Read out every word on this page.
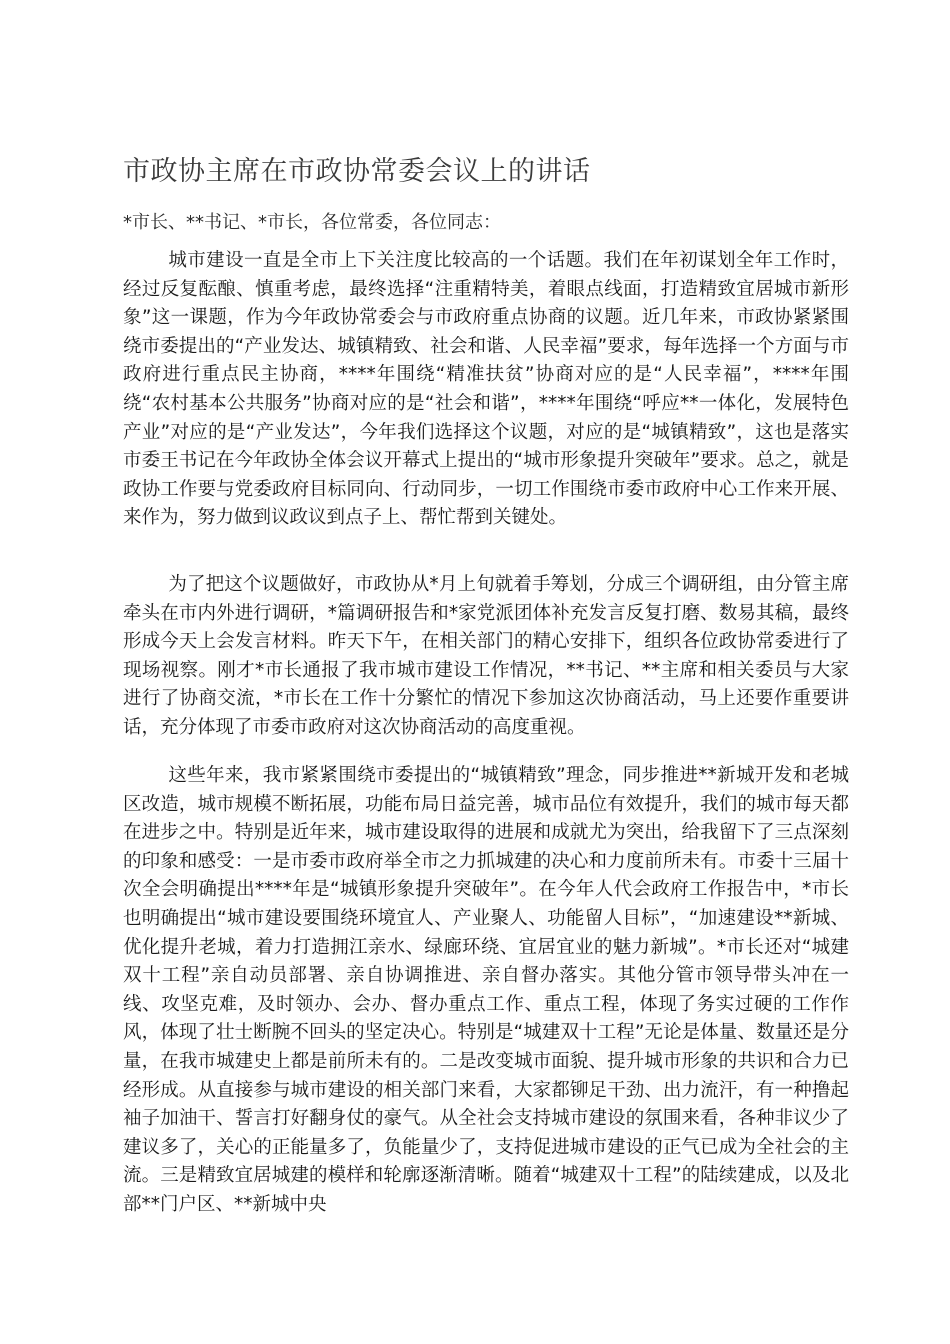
市政协主席在市政协常委会议上的讲话

*市长、**书记、*市长，各位常委，各位同志：

城市建设一直是全市上下关注度比较高的一个话题。我们在年初谋划全年工作时，经过反复酝酿、慎重考虑，最终选择“注重精特美，着眼点线面，打造精致宜居城市新形象”这一课题，作为今年政协常委会与市政府重点协商的议题。近几年来，市政协紧紧围绕市委提出的“产业发达、城镇精致、社会和谐、人民幸福”要求，每年选择一个方面与市政府进行重点民主协商，****年围绕“精准扶贫”协商对应的是“人民幸福”，****年围绕“农村基本公共服务”协商对应的是“社会和谐”，****年围绕“呼应**一体化，发展特色产业”对应的是“产业发达”，今年我们选择这个议题，对应的是“城镇精致”，这也是落实市委王书记在今年政协全体会议开幕式上提出的“城市形象提升突破年”要求。总之，就是政协工作要与党委政府目标同向、行动同步，一切工作围绕市委市政府中心工作来开展、来作为，努力做到议政议到点子上、帮忙帮到关键处。

为了把这个议题做好，市政协从*月上旬就着手筹划，分成三个调研组，由分管主席牵头在市内外进行调研，*篇调研报告和*家党派团体补充发言反复打磨、数易其稿，最终形成今天上会发言材料。昨天下午，在相关部门的精心安排下，组织各位政协常委进行了现场视察。刚才*市长通报了我市城市建设工作情况，**书记、**主席和相关委员与大家进行了协商交流，*市长在工作十分繁忙的情况下参加这次协商活动，马上还要作重要讲话，充分体现了市委市政府对这次协商活动的高度重视。

这些年来，我市紧紧围绕市委提出的“城镇精致”理念，同步推进**新城开发和老城区改造，城市规模不断拓展，功能布局日益完善，城市品位有效提升，我们的城市每天都在进步之中。特别是近年来，城市建设取得的进展和成就尤为突出，给我留下了三点深刻的印象和感受：一是市委市政府举全市之力抓城建的决心和力度前所未有。市委十三届十次全会明确提出****年是“城镇形象提升突破年”。在今年人代会政府工作报告中，*市长也明确提出“城市建设要围绕环境宜人、产业聚人、功能留人目标”，“加速建设**新城、优化提升老城，着力打造拥江亲水、绿廊环绕、宜居宜业的魅力新城”。*市长还对“城建双十工程”亲自动员部署、亲自协调推进、亲自督办落实。其他分管市领导带头冲在一线、攻坚克难，及时领办、会办、督办重点工作、重点工程，体现了务实过硬的工作作风，体现了壮士断腕不回头的坚定决心。特别是“城建双十工程”无论是体量、数量还是分量，在我市城建史上都是前所未有的。二是改变城市面貌、提升城市形象的共识和合力已经形成。从直接参与城市建设的相关部门来看，大家都铆足干劲、出力流汗，有一种撸起袖子加油干、誓言打好翻身仗的豪气。从全社会支持城市建设的氛围来看，各种非议少了建议多了，关心的正能量多了，负能量少了，支持促进城市建设的正气已成为全社会的主流。三是精致宜居城建的模样和轮廓逐渐清晰。随着“城建双十工程”的陆续建成，以及北部**门户区、**新城中央
